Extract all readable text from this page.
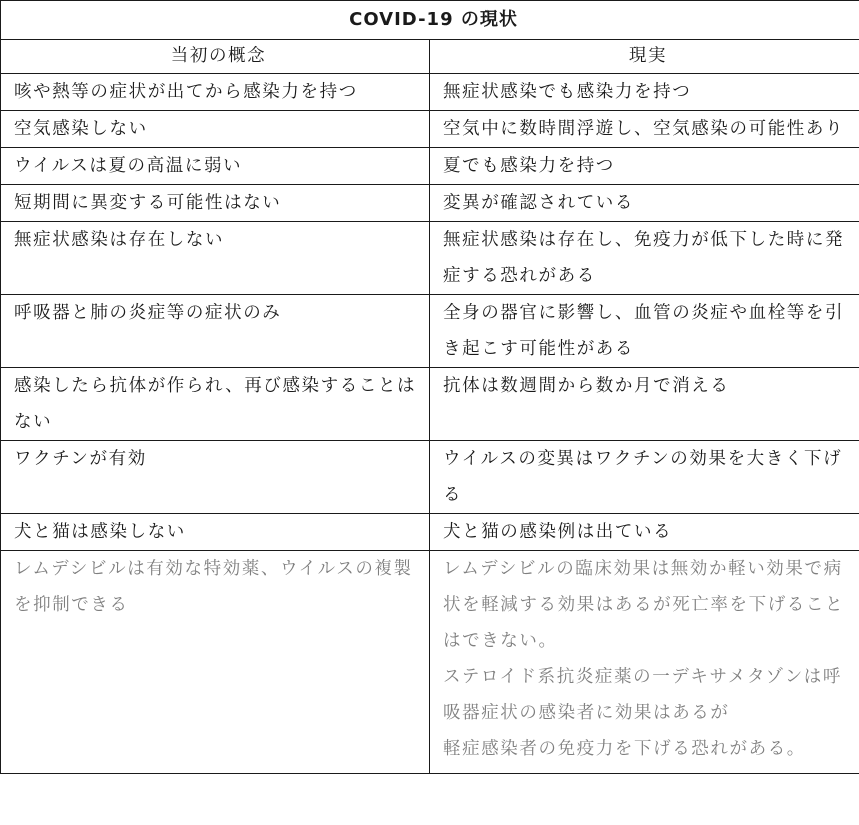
COVID-19 の現状	
当初の概念	現実
咳や熱等の症状が出てから感染力を持つ	無症状感染でも感染力を持つ
空気感染しない	空気中に数時間浮遊し、空気感染の可能性あり
ウイルスは夏の高温に弱い	夏でも感染力を持つ
短期間に異変する可能性はない	変異が確認されている
無症状感染は存在しない	無症状感染は存在し、免疫力が低下した時に発症する恐れがある
呼吸器と肺の炎症等の症状のみ	全身の器官に影響し、血管の炎症や血栓等を引き起こす可能性がある
感染したら抗体が作られ、再び感染することはない	抗体は数週間から数か月で消える
ワクチンが有効	ウイルスの変異はワクチンの効果を大きく下げる
犬と猫は感染しない	犬と猫の感染例は出ている
レムデシビルは有効な特効薬、ウイルスの複製を抑制できる	レムデシビルの臨床効果は無効か軽い効果で病状を軽減する効果はあるが死亡率を下げることはできない。
ステロイド系抗炎症薬の一デキサメタゾンは呼吸器症状の感染者に効果はあるが
軽症感染者の免疫力を下げる恐れがある。
